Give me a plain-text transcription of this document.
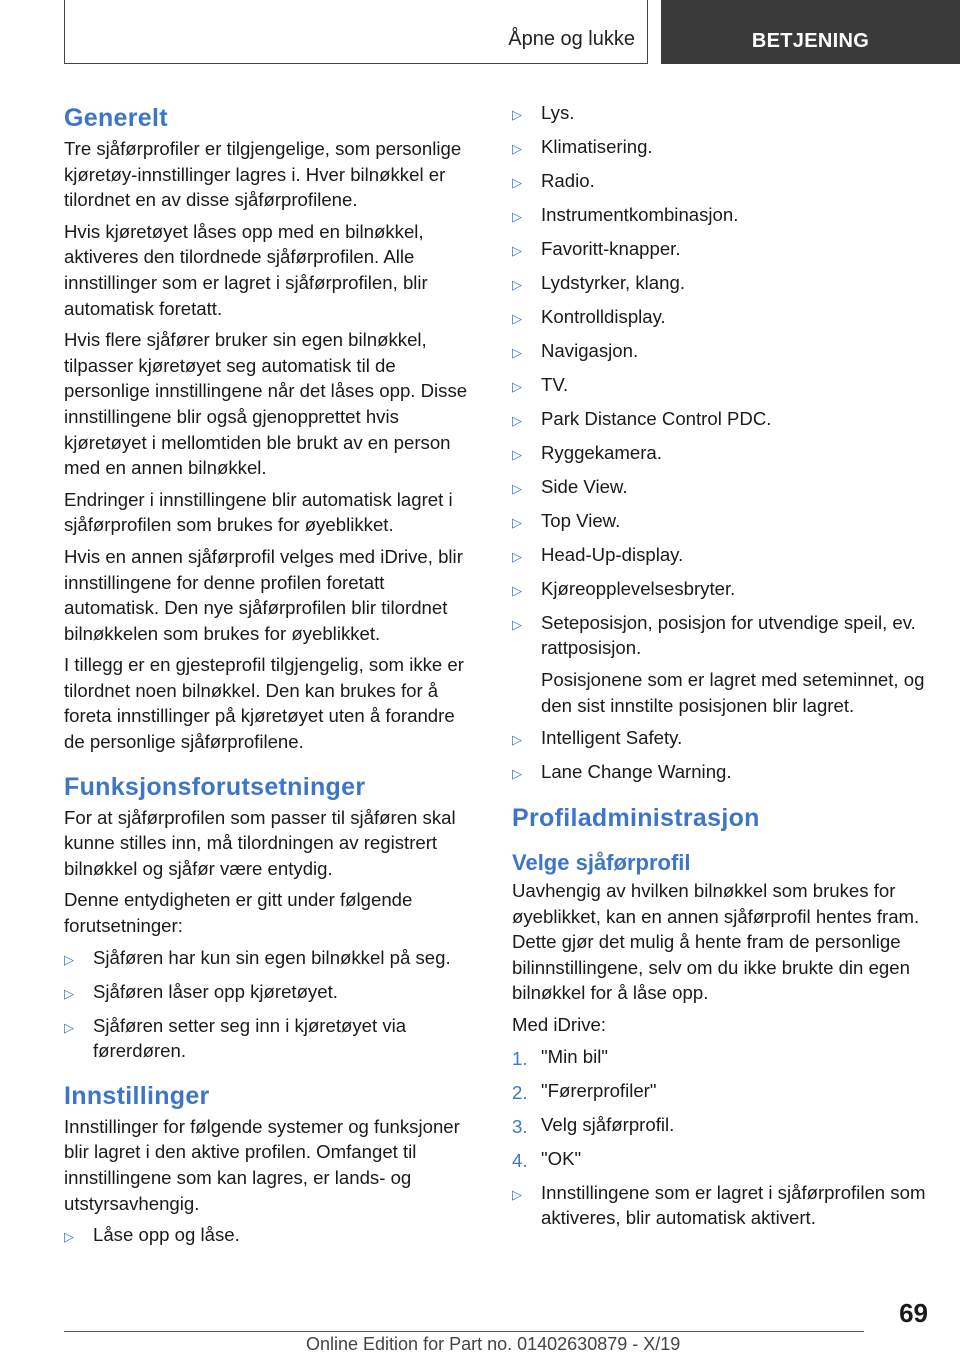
Åpne og lukke	BETJENING
Generelt

Tre sjåførprofiler er tilgjengelige, som personlige kjøretøy-innstillinger lagres i. Hver bilnøkkel er tilordnet en av disse sjåførprofilene.

Hvis kjøretøyet låses opp med en bilnøkkel, aktiveres den tilordnede sjåførprofilen. Alle innstillinger som er lagret i sjåførprofilen, blir automatisk foretatt.

Hvis flere sjåfører bruker sin egen bilnøkkel, tilpasser kjøretøyet seg automatisk til de personlige innstillingene når det låses opp. Disse innstillingene blir også gjenopprettet hvis kjøretøyet i mellomtiden ble brukt av en person med en annen bilnøkkel.

Endringer i innstillingene blir automatisk lagret i sjåførprofilen som brukes for øyeblikket.

Hvis en annen sjåførprofil velges med iDrive, blir innstillingene for denne profilen foretatt automatisk. Den nye sjåførprofilen blir tilordnet bilnøkkelen som brukes for øyeblikket.

I tillegg er en gjesteprofil tilgjengelig, som ikke er tilordnet noen bilnøkkel. Den kan brukes for å foreta innstillinger på kjøretøyet uten å forandre de personlige sjåførprofilene.

Funksjonsforutsetninger

For at sjåførprofilen som passer til sjåføren skal kunne stilles inn, må tilordningen av registrert bilnøkkel og sjåfør være entydig.

Denne entydigheten er gitt under følgende forutsetninger:

▷	Sjåføren har kun sin egen bilnøkkel på seg.
▷	Sjåføren låser opp kjøretøyet.
▷	Sjåføren setter seg inn i kjøretøyet via førerdøren.
Innstillinger

Innstillinger for følgende systemer og funksjoner blir lagret i den aktive profilen. Omfanget til innstillingene som kan lagres, er lands- og utstyrsavhengig.

▷	Låse opp og låse.
▷	Lys.
▷	Klimatisering.
▷	Radio.
▷	Instrumentkombinasjon.
▷	Favoritt-knapper.
▷	Lydstyrker, klang.
▷	Kontrolldisplay.
▷	Navigasjon.
▷	TV.
▷	Park Distance Control PDC.
▷	Ryggekamera.
▷	Side View.
▷	Top View.
▷	Head-Up-display.
▷	Kjøreopplevelsesbryter.
▷	Seteposisjon, posisjon for utvendige speil, ev. rattposisjon.

Posisjonene som er lagret med seteminnet, og den sist innstilte posisjonen blir lagret.

▷	Intelligent Safety.
▷	Lane Change Warning.
Profiladministrasjon
Velge sjåførprofil

Uavhengig av hvilken bilnøkkel som brukes for øyeblikket, kan en annen sjåførprofil hentes fram. Dette gjør det mulig å hente fram de personlige bilinnstillingene, selv om du ikke brukte din egen bilnøkkel for å låse opp.

Med iDrive:

1. "Min bil"
2. "Førerprofiler"
3. Velg sjåførprofil.
4. "OK"
▷	Innstillingene som er lagret i sjåførprofilen som aktiveres, blir automatisk aktivert.
69
Online Edition for Part no. 01402630879 - X/19
